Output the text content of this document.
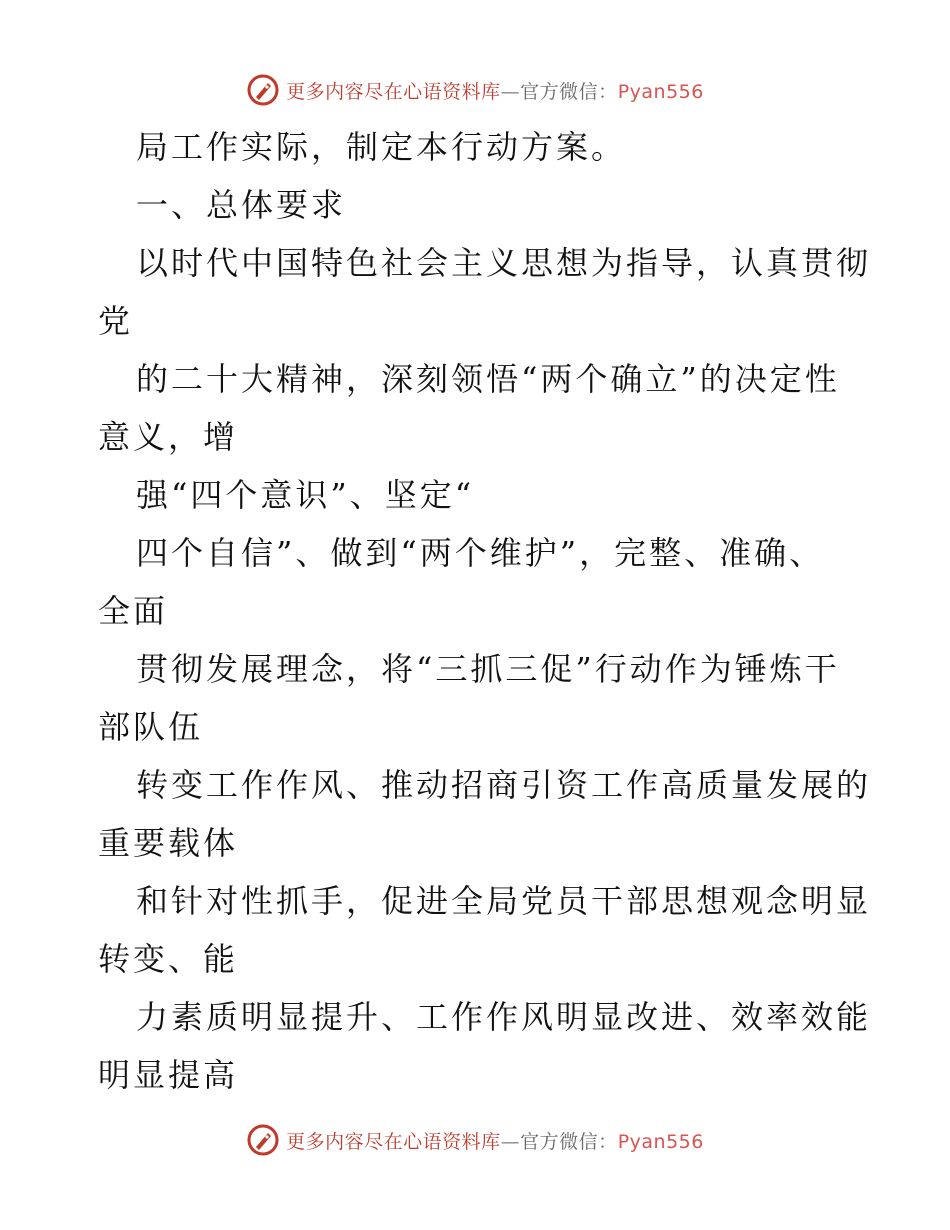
更多内容尽在心语资料库—官方微信：Pyan556
局工作实际，制定本行动方案。
一、总体要求
以时代中国特色社会主义思想为指导，认真贯彻
党
的二十大精神，深刻领悟“两个确立”的决定性
意义，增
强“四个意识”、坚定“
四个自信”、做到“两个维护”，完整、准确、
全面
贯彻发展理念，将“三抓三促”行动作为锤炼干
部队伍
转变工作作风、推动招商引资工作高质量发展的
重要载体
和针对性抓手，促进全局党员干部思想观念明显
转变、能
力素质明显提升、工作作风明显改进、效率效能
明显提高
更多内容尽在心语资料库—官方微信：Pyan556
